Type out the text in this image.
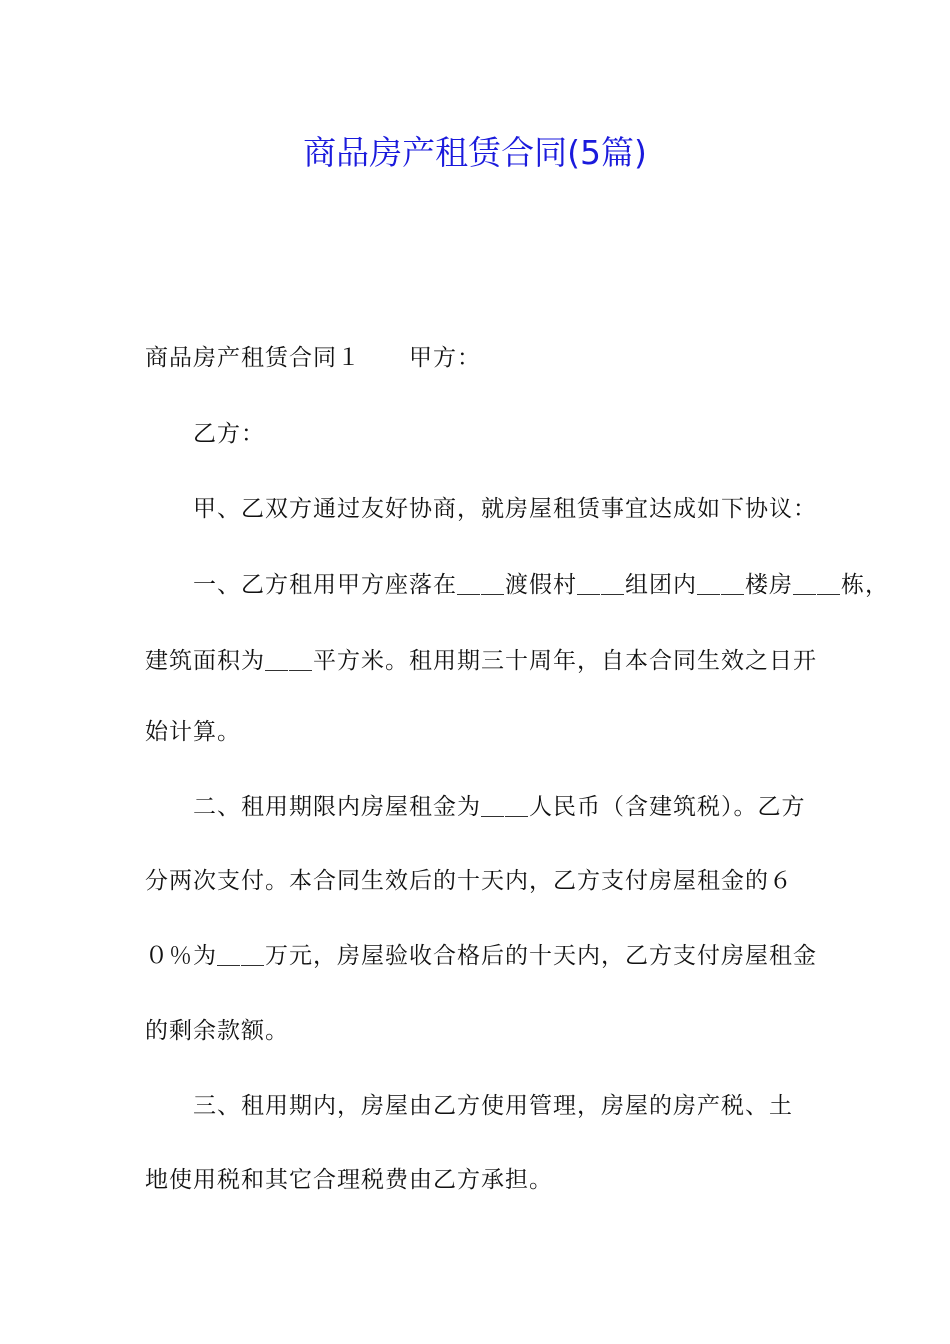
商品房产租赁合同(5篇)
商品房产租赁合同１ 甲方：
乙方：
甲、乙双方通过友好协商，就房屋租赁事宜达成如下协议：
一、乙方租用甲方座落在＿＿渡假村＿＿组团内＿＿楼房＿＿栋，
建筑面积为＿＿平方米。租用期三十周年，自本合同生效之日开
始计算。
二、租用期限内房屋租金为＿＿人民币（含建筑税）。乙方
分两次支付。本合同生效后的十天内，乙方支付房屋租金的６
０％为＿＿万元，房屋验收合格后的十天内，乙方支付房屋租金
的剩余款额。
三、租用期内，房屋由乙方使用管理，房屋的房产税、土
地使用税和其它合理税费由乙方承担。
